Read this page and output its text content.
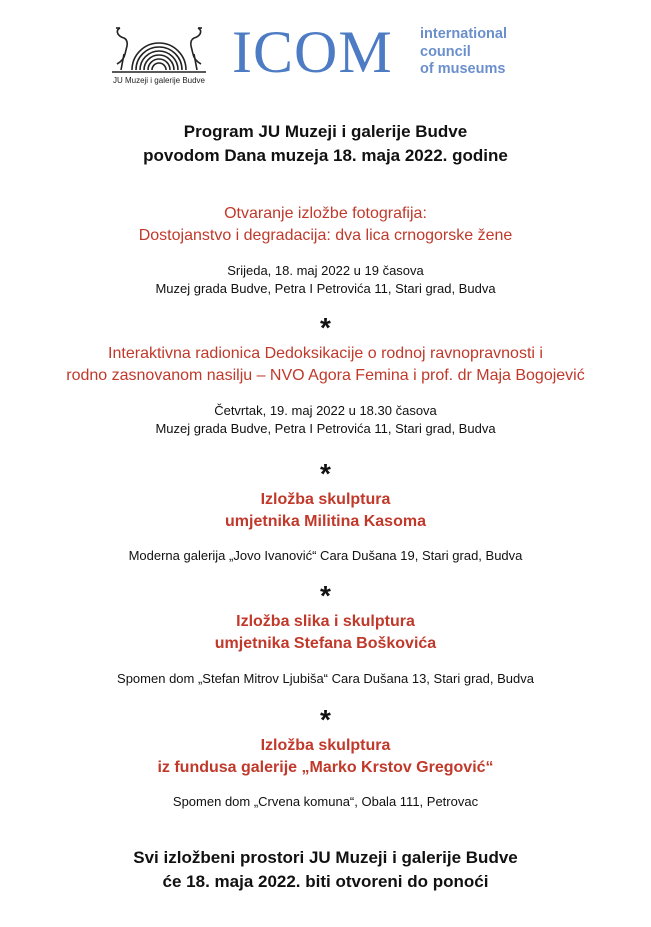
JU Muzeji i galerije Budve ICOM international
council
of museums
Program JU Muzeji i galerije Budve
povodom Dana muzeja 18. maja 2022. godine
Otvaranje izložbe fotografija:
Dostojanstvo i degradacija: dva lica crnogorske žene
Srijeda, 18. maj 2022 u 19 časova
Muzej grada Budve, Petra I Petrovića 11, Stari grad, Budva
*
Interaktivna radionica Dedoksikacije o rodnoj ravnopravnosti i
rodno zasnovanom nasilju – NVO Agora Femina i prof. dr Maja Bogojević
Četvrtak, 19. maj 2022 u 18.30 časova
Muzej grada Budve, Petra I Petrovića 11, Stari grad, Budva
*
Izložba skulptura
umjetnika Militina Kasoma
Moderna galerija „Jovo Ivanović“ Cara Dušana 19, Stari grad, Budva
*
Izložba slika i skulptura
umjetnika Stefana Boškovića
Spomen dom „Stefan Mitrov Ljubiša“ Cara Dušana 13, Stari grad, Budva
*
Izložba skulptura
iz fundusa galerije „Marko Krstov Gregović“
Spomen dom „Crvena komuna“, Obala 111, Petrovac
Svi izložbeni prostori JU Muzeji i galerije Budve
će 18. maja 2022. biti otvoreni do ponoći
